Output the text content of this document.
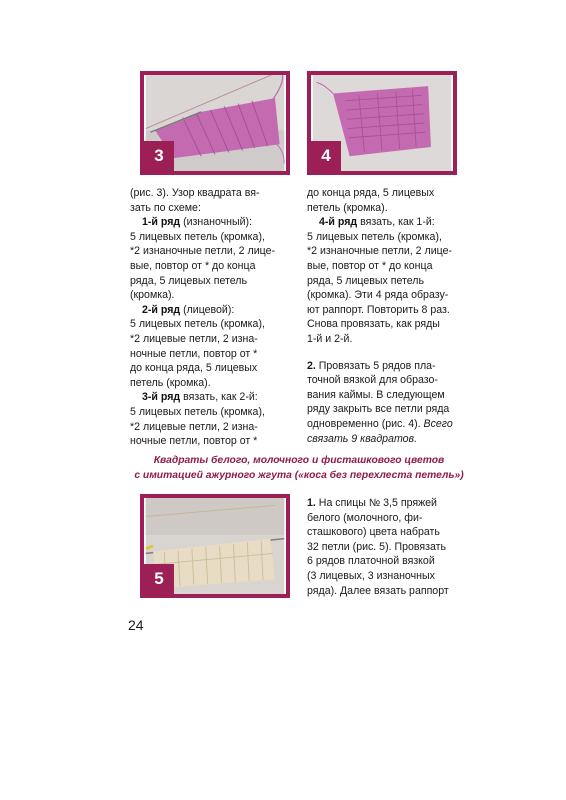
3	4

(рис. 3). Узор квадрата вя-

зать по схеме:

1-й ряд (изнаночный):

5 лицевых петель (кромка),

*2 изнаночные петли, 2 лице-

вые, повтор от * до конца

ряда, 5 лицевых петель

(кромка).

2-й ряд (лицевой):

5 лицевых петель (кромка),

*2 лицевые петли, 2 изна-

ночные петли, повтор от *

до конца ряда, 5 лицевых

петель (кромка).

3-й ряд вязать, как 2-й:

5 лицевых петель (кромка),

*2 лицевые петли, 2 изна-

ночные петли, повтор от *

до конца ряда, 5 лицевых

петель (кромка).

4-й ряд вязать, как 1-й:

5 лицевых петель (кромка),

*2 изнаночные петли, 2 лице-

вые, повтор от * до конца

ряда, 5 лицевых петель

(кромка). Эти 4 ряда образу-

ют раппорт. Повторить 8 раз.

Снова провязать, как ряды

1-й и 2-й.

2. Провязать 5 рядов пла-

точной вязкой для образо-

вания каймы. В следующем

ряду закрыть все петли ряда

одновременно (рис. 4). Всего

связать 9 квадратов.

Квадраты белого, молочного и фисташкового цветов
с имитацией ажурного жгута («коса без перехлеста петель»)
5

1. На спицы № 3,5 пряжей

белого (молочного, фи-

сташкового) цвета набрать

32 петли (рис. 5). Провязать

6 рядов платочной вязкой

(3 лицевых, 3 изнаночных

ряда). Далее вязать раппорт

24
